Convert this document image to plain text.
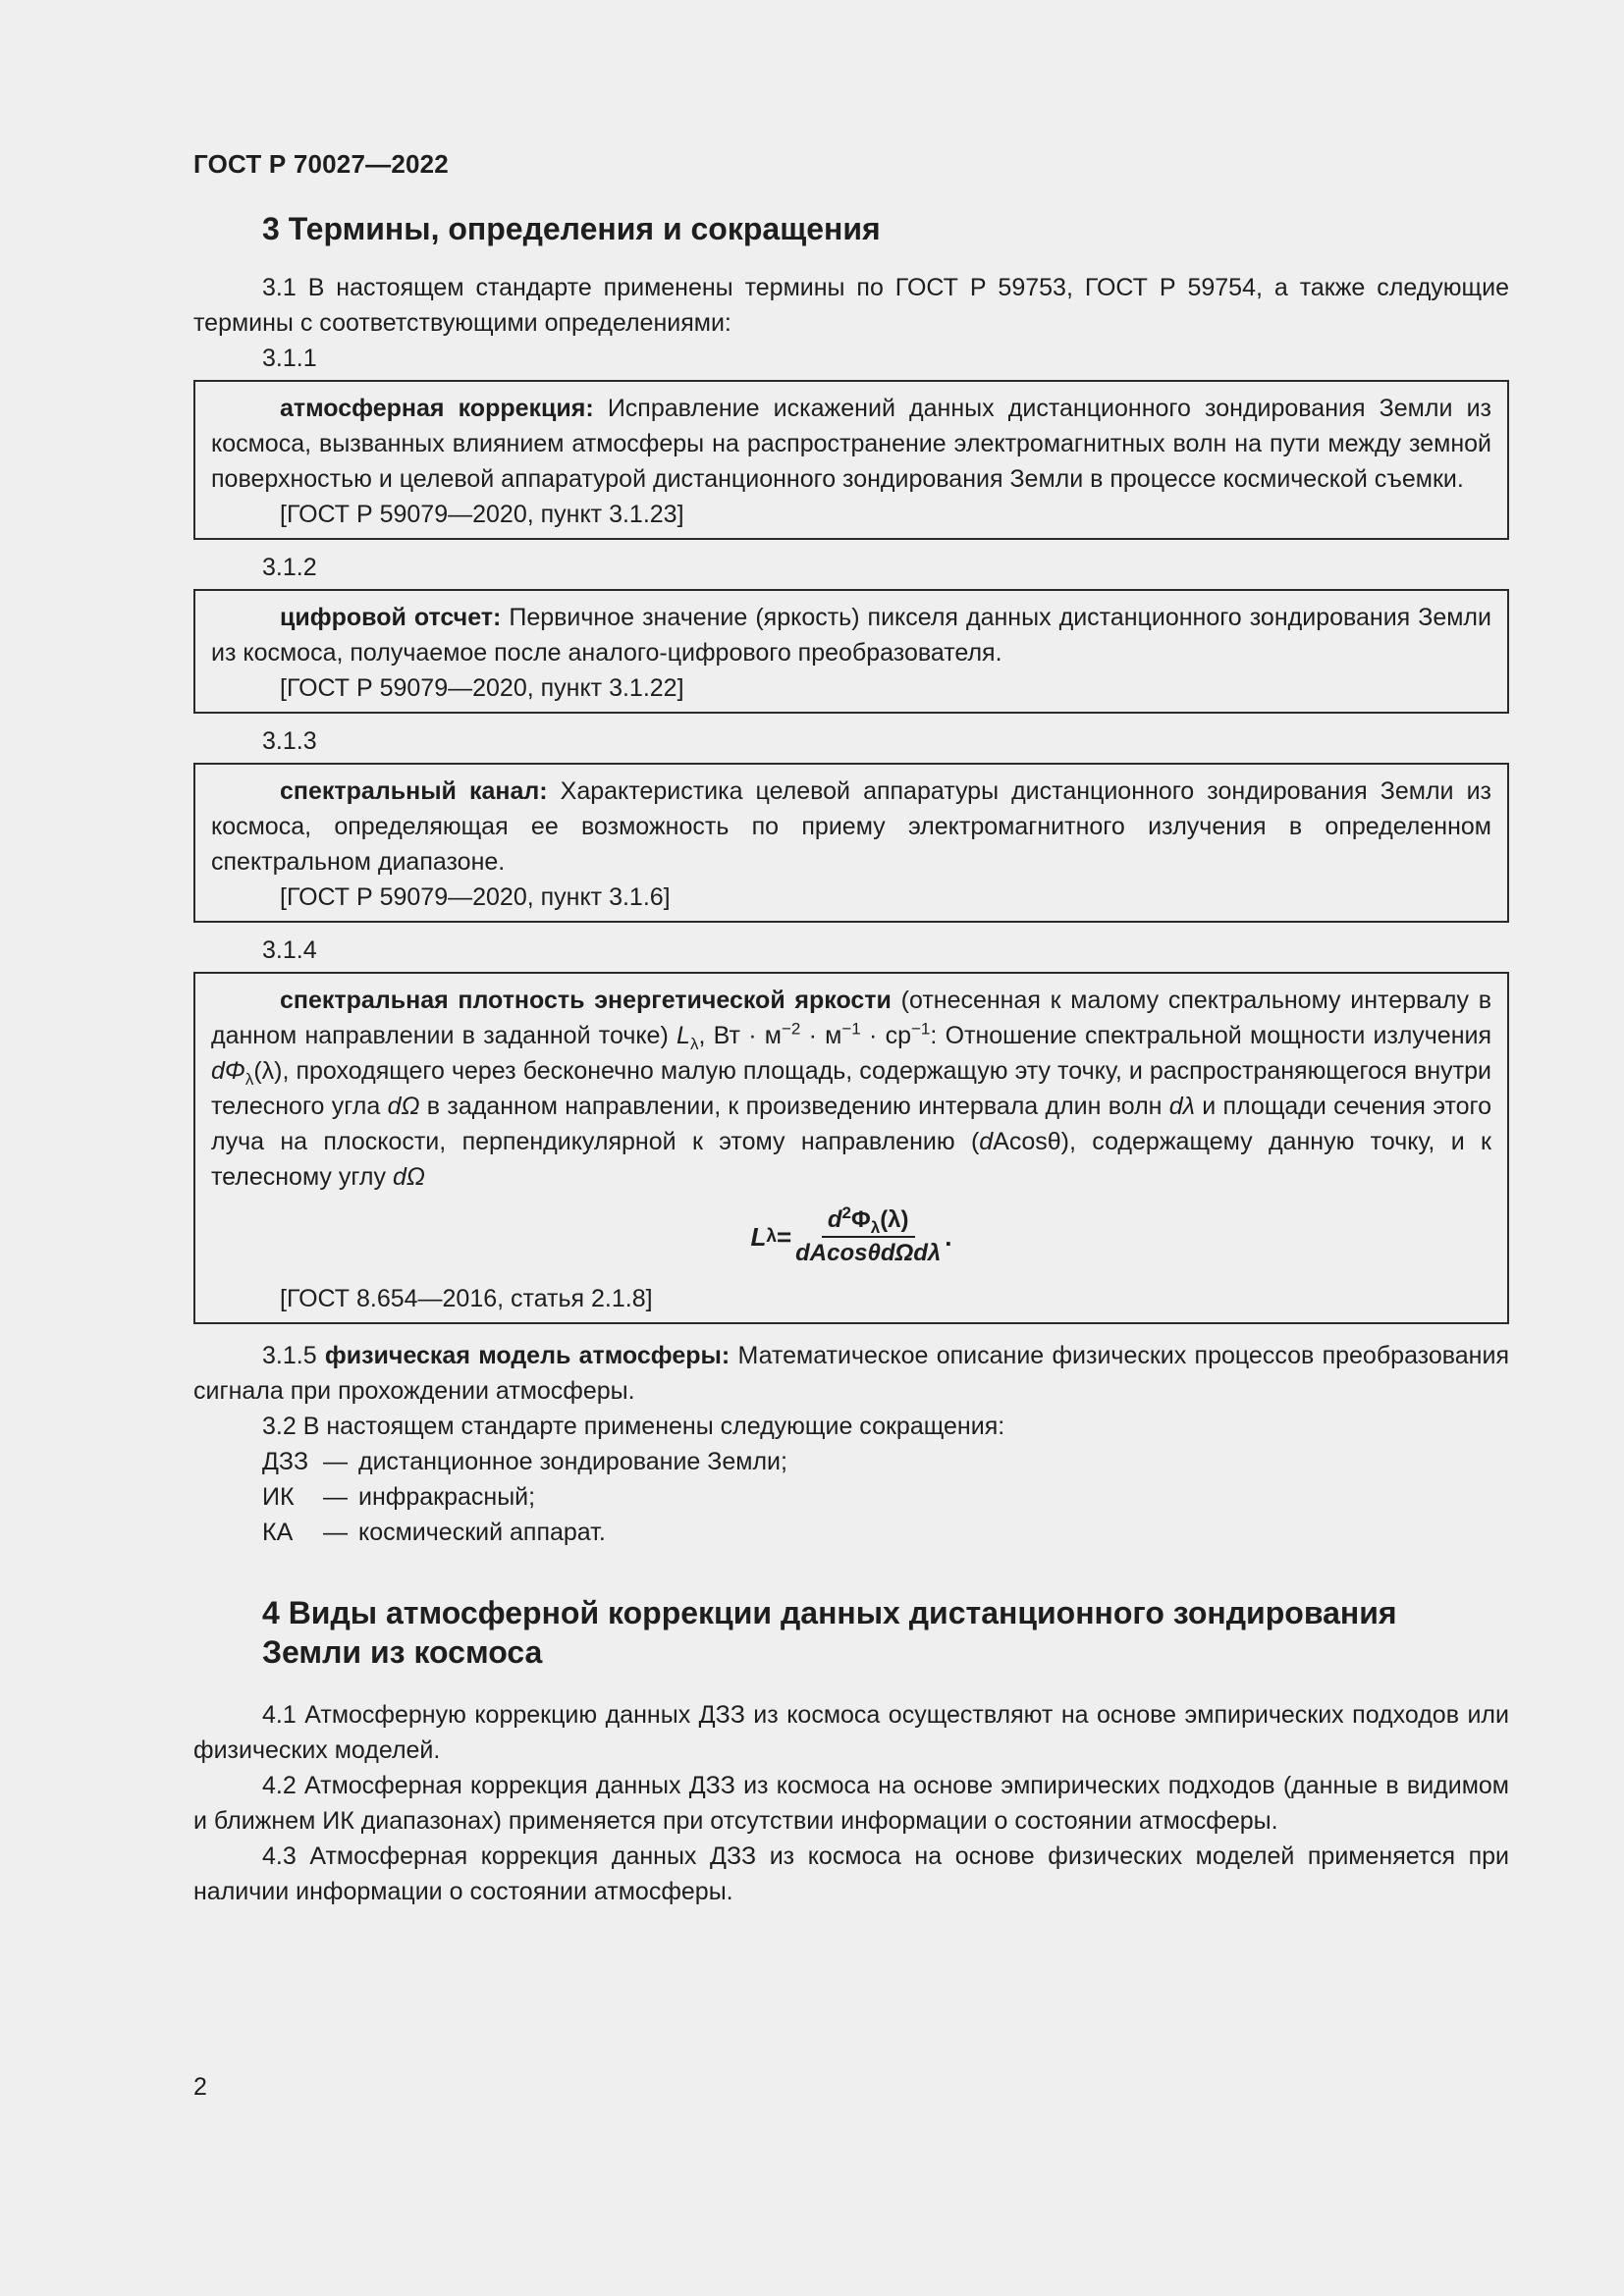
ГОСТ Р 70027—2022
3 Термины, определения и сокращения

3.1 В настоящем стандарте применены термины по ГОСТ Р 59753, ГОСТ Р 59754, а также следующие термины с соответствующими определениями:

3.1.1

атмосферная коррекция: Исправление искажений данных дистанционного зондирования Земли из космоса, вызванных влиянием атмосферы на распространение электромагнитных волн на пути между земной поверхностью и целевой аппаратурой дистанционного зондирования Земли в процессе космической съемки.

[ГОСТ Р 59079—2020, пункт 3.1.23]

3.1.2

цифровой отсчет: Первичное значение (яркость) пикселя данных дистанционного зондирования Земли из космоса, получаемое после аналого-цифрового преобразователя.

[ГОСТ Р 59079—2020, пункт 3.1.22]

3.1.3

спектральный канал: Характеристика целевой аппаратуры дистанционного зондирования Земли из космоса, определяющая ее возможность по приему электромагнитного излучения в определенном спектральном диапазоне.

[ГОСТ Р 59079—2020, пункт 3.1.6]

3.1.4

спектральная плотность энергетической яркости (отнесенная к малому спектральному интервалу в данном направлении в заданной точке) $L_\lambda$, Вт · $м^{-2} \cdot м^{-1} \cdot ср^{-1}$: Отношение спектральной мощности излучения $d\Phi_\lambda(\lambda)$, проходящего через бесконечно малую площадь, содержащую эту точку, и распространяющегося внутри телесного угла dΩ в заданном направлении, к произведению интервала длин волн dλ и площади сечения этого луча на плоскости, перпендикулярной к этому направлению (dAcosθ), содержащему данную точку, и к телесному углу dΩ

L $\lambda = \frac{d^2\Phi_\lambda(\lambda)}{\text{dAcosθdΩdλ}}$ .

[ГОСТ 8.654—2016, статья 2.1.8]

3.1.5 физическая модель атмосферы: Математическое описание физических процессов преобразования сигнала при прохождении атмосферы.

3.2 В настоящем стандарте применены следующие сокращения:

ДЗЗ — дистанционное зондирование Земли;
ИК	— инфракрасный;
КА	— космический аппарат.
4 Виды атмосферной коррекции данных дистанционного зондирования
Земли из космоса

4.1 Атмосферную коррекцию данных ДЗЗ из космоса осуществляют на основе эмпирических подходов или физических моделей.

4.2 Атмосферная коррекция данных ДЗЗ из космоса на основе эмпирических подходов (данные в видимом и ближнем ИК диапазонах) применяется при отсутствии информации о состоянии атмосферы.

4.3 Атмосферная коррекция данных ДЗЗ из космоса на основе физических моделей применяется при наличии информации о состоянии атмосферы.

2
